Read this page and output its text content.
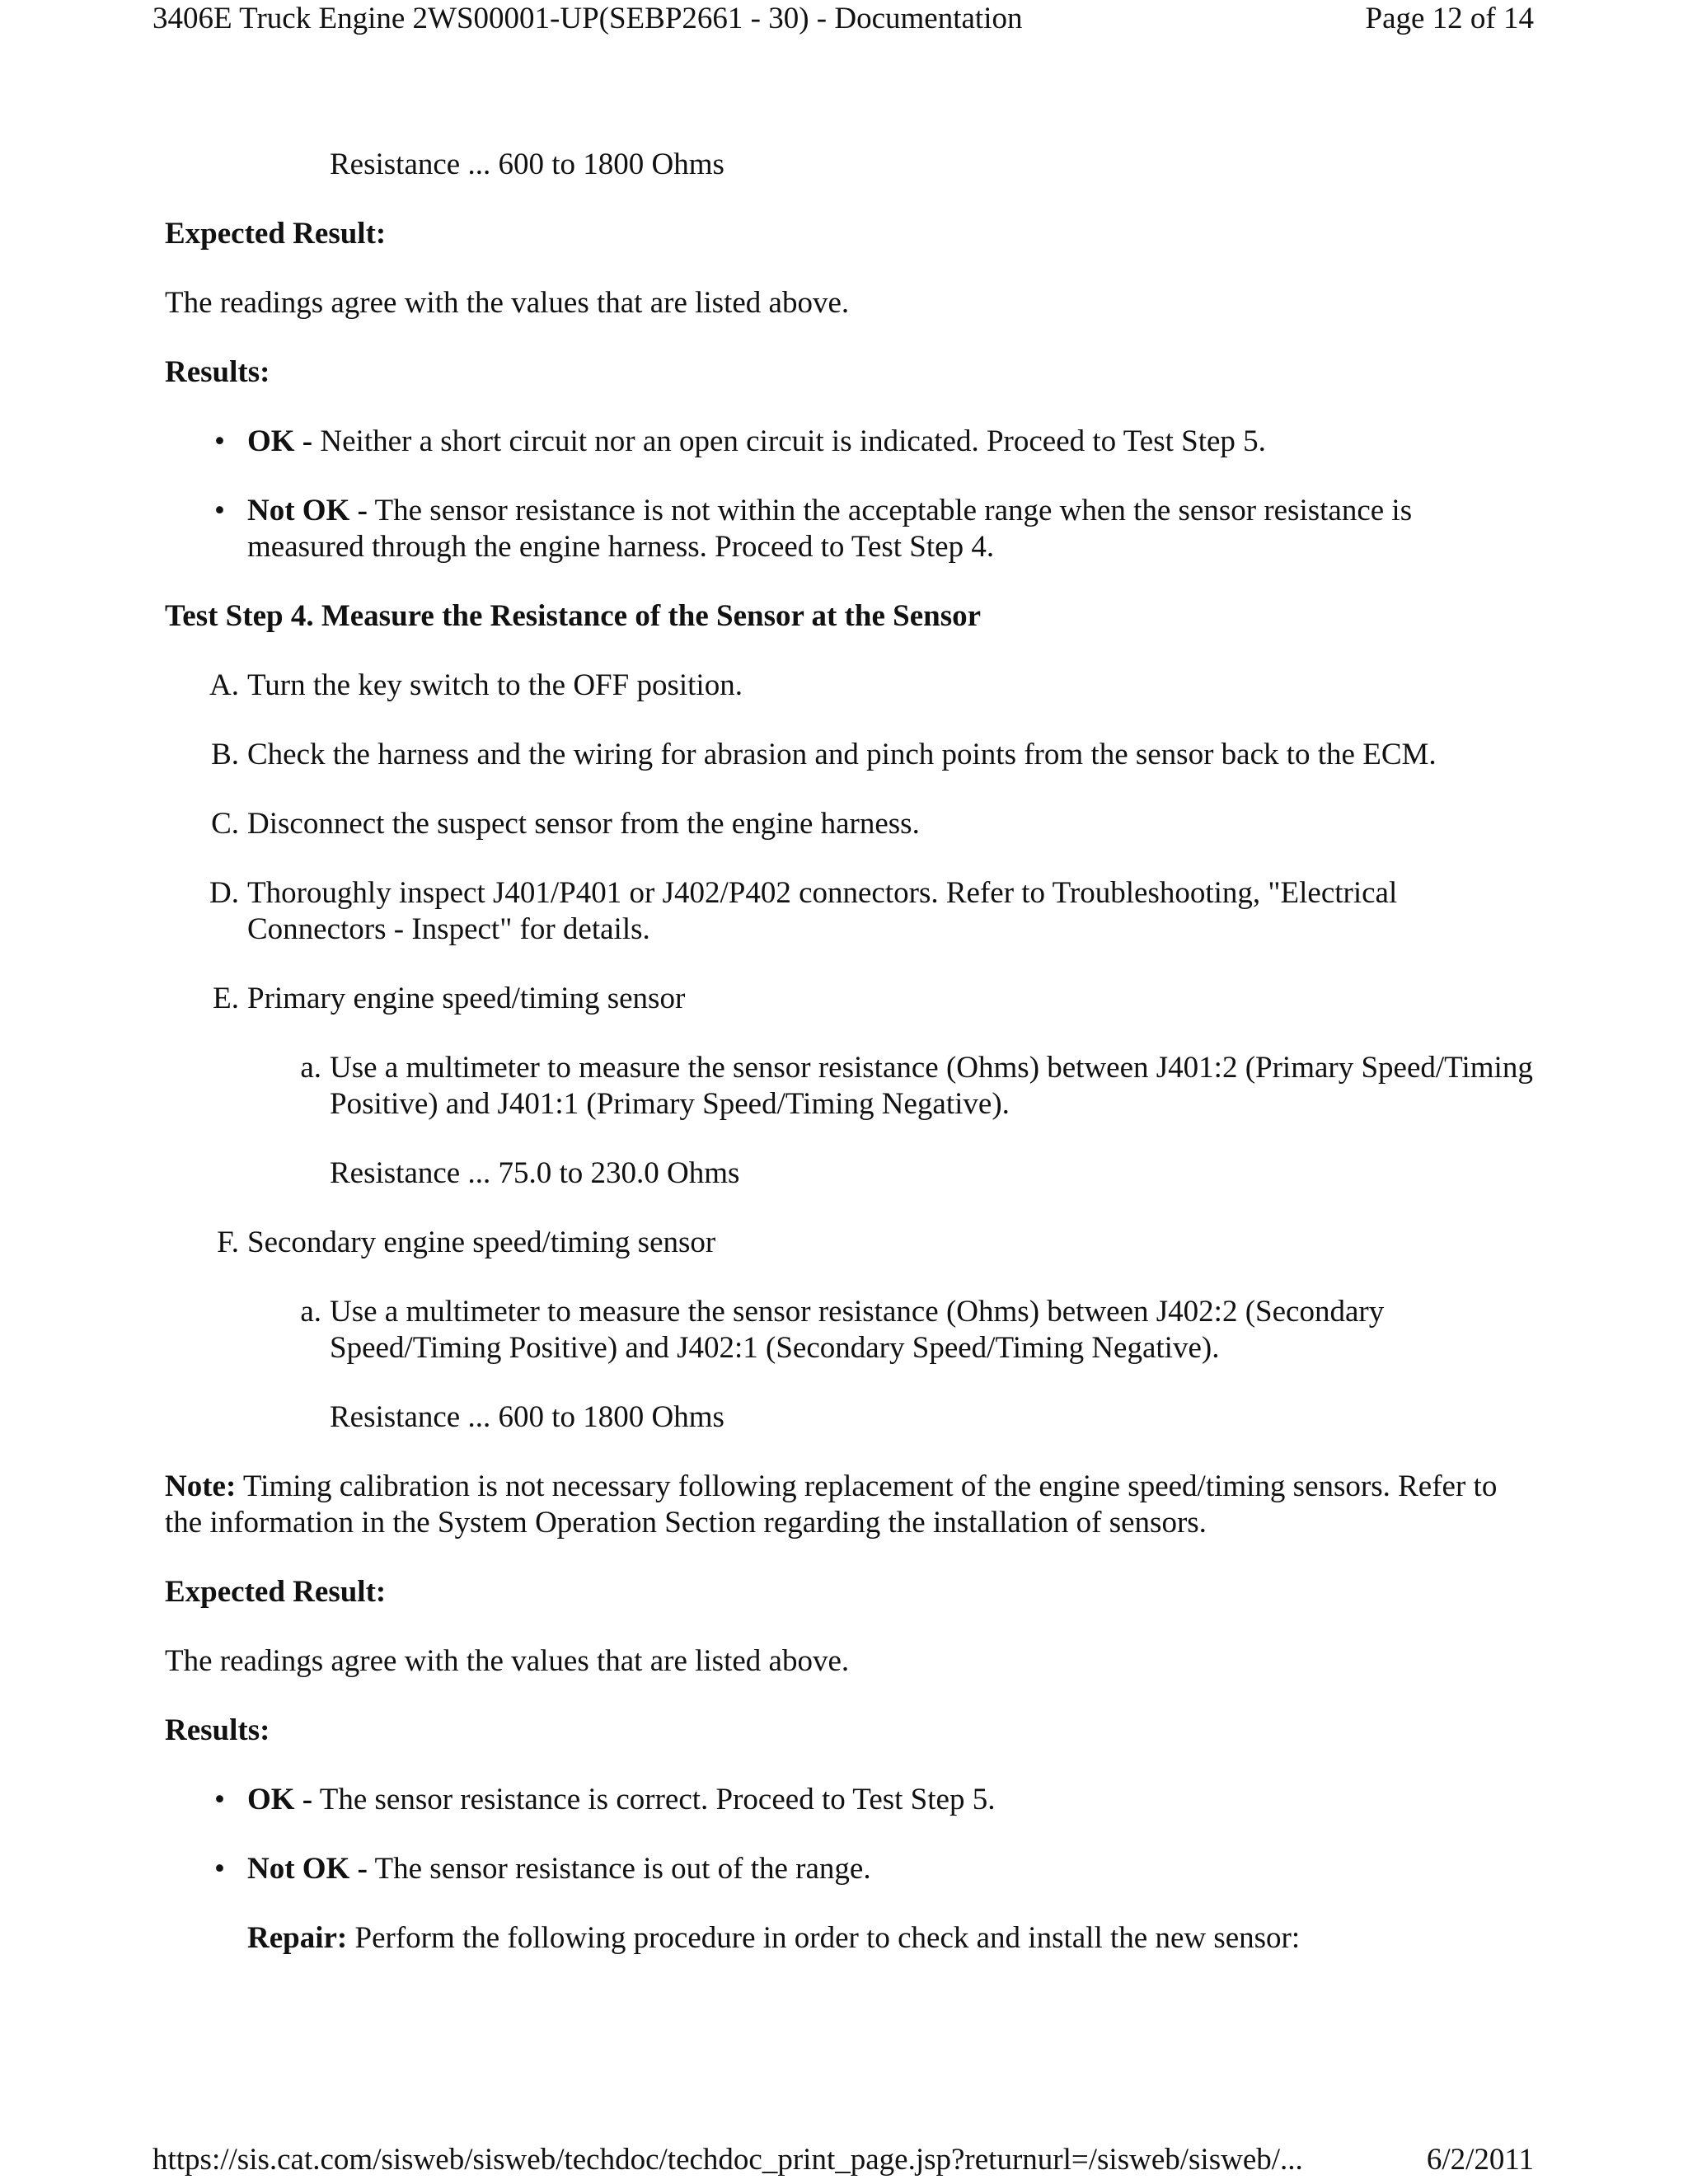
3406E Truck Engine 2WS00001-UP(SEBP2661 - 30) - Documentation	Page 12 of 14

Resistance ... 600 to 1800 Ohms

Expected Result:

The readings agree with the values that are listed above.

Results:

• OK - Neither a short circuit nor an open circuit is indicated. Proceed to Test Step 5.
• Not OK - The sensor resistance is not within the acceptable range when the sensor resistance is measured through the engine harness. Proceed to Test Step 4.

Test Step 4. Measure the Resistance of the Sensor at the Sensor

A. Turn the key switch to the OFF position.
B. Check the harness and the wiring for abrasion and pinch points from the sensor back to the ECM.
C. Disconnect the suspect sensor from the engine harness.
D. Thoroughly inspect J401/P401 or J402/P402 connectors. Refer to Troubleshooting, "Electrical Connectors - Inspect" for details.
E. Primary engine speed/timing sensor
a. Use a multimeter to measure the sensor resistance (Ohms) between J401:2 (Primary Speed/Timing Positive) and J401:1 (Primary Speed/Timing Negative).

Resistance ... 75.0 to 230.0 Ohms

F. Secondary engine speed/timing sensor
a. Use a multimeter to measure the sensor resistance (Ohms) between J402:2 (Secondary Speed/Timing Positive) and J402:1 (Secondary Speed/Timing Negative).

Resistance ... 600 to 1800 Ohms

Note: Timing calibration is not necessary following replacement of the engine speed/timing sensors. Refer to the information in the System Operation Section regarding the installation of sensors.

Expected Result:

The readings agree with the values that are listed above.

Results:

• OK - The sensor resistance is correct. Proceed to Test Step 5.
• Not OK - The sensor resistance is out of the range.

Repair: Perform the following procedure in order to check and install the new sensor:

https://sis.cat.com/sisweb/sisweb/techdoc/techdoc_print_page.jsp?returnurl=/sisweb/sisweb/...	6/2/2011
